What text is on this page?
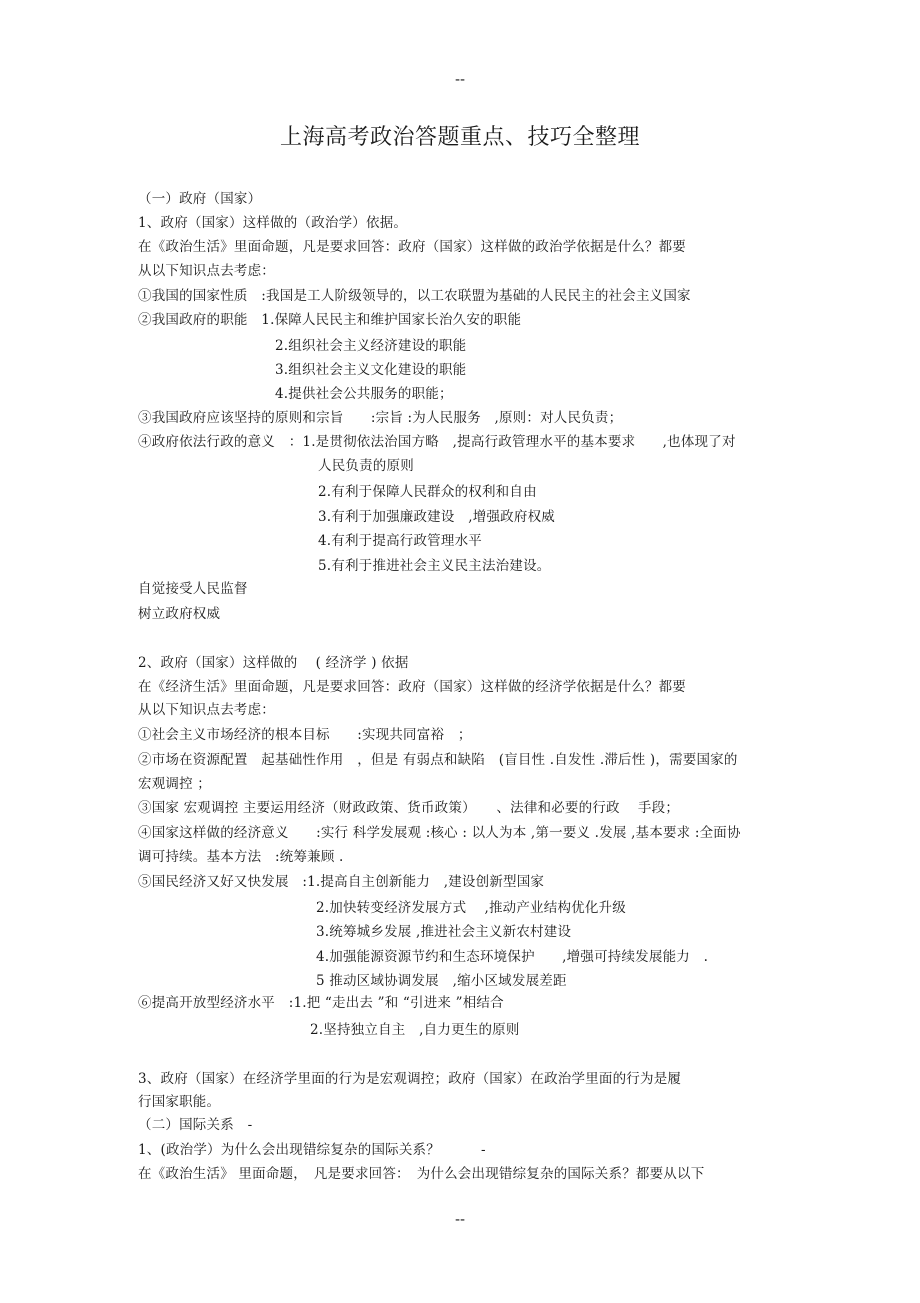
--
上海高考政治答题重点、技巧全整理
（一）政府（国家）
1、政府（国家）这样做的（政治学）依据。
在《政治生活》里面命题，凡是要求回答：政府（国家）这样做的政治学依据是什么？都要
从以下知识点去考虑：
①我国的国家性质　:我国是工人阶级领导的，以工农联盟为基础的人民民主的社会主义国家
②我国政府的职能　1.保障人民民主和维护国家长治久安的职能
2.组织社会主义经济建设的职能
3.组织社会主义文化建设的职能
4.提供社会公共服务的职能；
③我国政府应该坚持的原则和宗旨　　:宗旨 :为人民服务　,原则：对人民负责；
④政府依法行政的意义　：1.是贯彻依法治国方略　,提高行政管理水平的基本要求　　,也体现了对
人民负责的原则
2.有利于保障人民群众的权利和自由
3.有利于加强廉政建设　,增强政府权威
4.有利于提高行政管理水平
5.有利于推进社会主义民主法治建设。
自觉接受人民监督
树立政府权威
2、政府（国家）这样做的　 ( 经济学 ) 依据
在《经济生活》里面命题，凡是要求回答：政府（国家）这样做的经济学依据是什么？都要
从以下知识点去考虑：
①社会主义市场经济的根本目标　　:实现共同富裕　；
②市场在资源配置　起基础性作用　，但是 有弱点和缺陷　(盲目性 .自发性 .滞后性 )，需要国家的
宏观调控 ；
③国家 宏观调控 主要运用经济（财政政策、货币政策）　　、法律和必要的行政　 手段；
④国家这样做的经济意义　　:实行 科学发展观 :核心 : 以人为本 ,第一要义 .发展 ,基本要求 :全面协
调可持续。基本方法　:统筹兼顾 .
⑤国民经济又好又快发展　:1.提高自主创新能力　,建设创新型国家
2.加快转变经济发展方式　 ,推动产业结构优化升级
3.统筹城乡发展 ,推进社会主义新农村建设
4.加强能源资源节约和生态环境保护　　,增强可持续发展能力　.
5 推动区域协调发展　,缩小区域发展差距
⑥提高开放型经济水平　:1.把 “走出去 ”和 “引进来 ”相结合
2.坚持独立自主　,自力更生的原则
3、政府（国家）在经济学里面的行为是宏观调控；政府（国家）在政治学里面的行为是履
行国家职能。
（二）国际关系　-
1、(政治学）为什么会出现错综复杂的国际关系？　　　-
在《政治生活》 里面命题，　凡是要求回答：　为什么会出现错综复杂的国际关系？都要从以下
--
